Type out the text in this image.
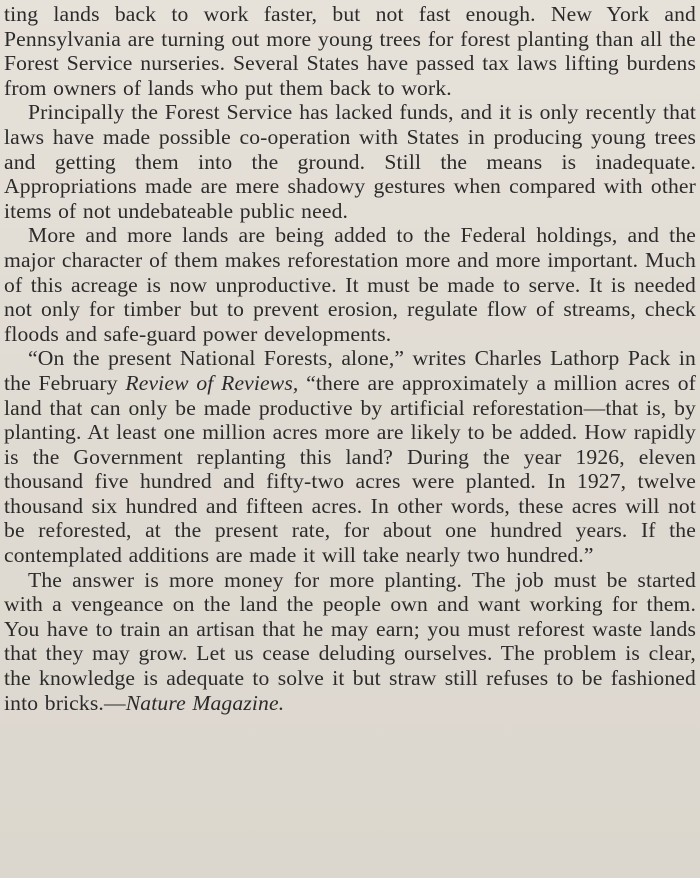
ting lands back to work faster, but not fast enough. New York and Pennsylvania are turning out more young trees for forest planting than all the Forest Service nurseries. Several States have passed tax laws lifting burdens from owners of lands who put them back to work.

Principally the Forest Service has lacked funds, and it is only recently that laws have made possible co-operation with States in producing young trees and getting them into the ground. Still the means is inadequate. Appropriations made are mere shadowy gestures when compared with other items of not undebateable public need.

More and more lands are being added to the Federal holdings, and the major character of them makes reforestation more and more important. Much of this acreage is now unproductive. It must be made to serve. It is needed not only for timber but to prevent erosion, regulate flow of streams, check floods and safe-guard power developments.

“On the present National Forests, alone,” writes Charles Lathorp Pack in the February Review of Reviews, “there are approximately a million acres of land that can only be made productive by artificial reforestation—that is, by planting. At least one million acres more are likely to be added. How rapidly is the Government replanting this land? During the year 1926, eleven thousand five hundred and fifty-two acres were planted. In 1927, twelve thousand six hundred and fifteen acres. In other words, these acres will not be reforested, at the present rate, for about one hundred years. If the contemplated additions are made it will take nearly two hundred.”

The answer is more money for more planting. The job must be started with a vengeance on the land the people own and want working for them. You have to train an artisan that he may earn; you must reforest waste lands that they may grow. Let us cease deluding ourselves. The problem is clear, the knowledge is adequate to solve it but straw still refuses to be fashioned into bricks.—Nature Magazine.
